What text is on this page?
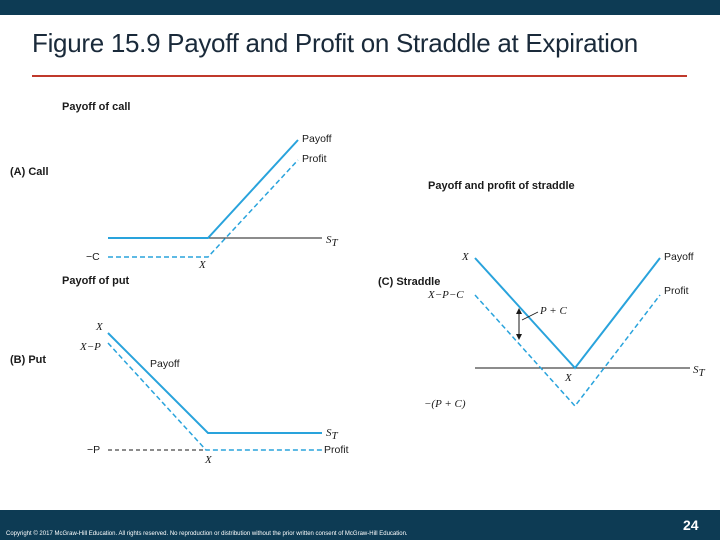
Figure 15.9 Payoff and Profit on Straddle at Expiration
Payoff of call
(A) Call
Payoff
Profit
ST
−C
X
Payoff of put
(B) Put
X
X−P
Payoff
ST
−P
X
Profit
Payoff and profit of straddle
(C) Straddle
X
X−P−C
P + C
Payoff
Profit
ST
X
−(P + C)
Copyright © 2017 McGraw-Hill Education. All rights reserved. No reproduction or distribution without the prior written consent of McGraw-Hill Education.
24
